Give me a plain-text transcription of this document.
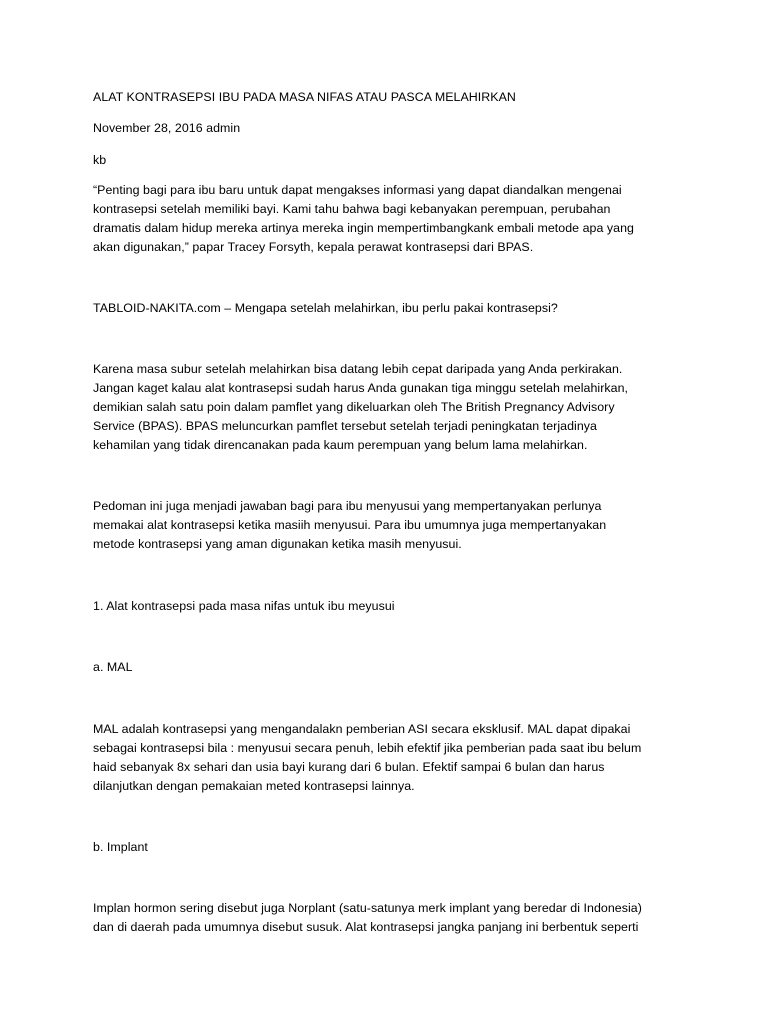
ALAT KONTRASEPSI IBU PADA MASA NIFAS ATAU PASCA MELAHIRKAN
November 28, 2016 admin
kb
“Penting bagi para ibu baru untuk dapat mengakses informasi yang dapat diandalkan mengenai
kontrasepsi setelah memiliki bayi. Kami tahu bahwa bagi kebanyakan perempuan, perubahan
dramatis dalam hidup mereka artinya mereka ingin mempertimbangkank embali metode apa yang
akan digunakan,” papar Tracey Forsyth, kepala perawat kontrasepsi dari BPAS.
TABLOID-NAKITA.com – Mengapa setelah melahirkan, ibu perlu pakai kontrasepsi?
Karena masa subur setelah melahirkan bisa datang lebih cepat daripada yang Anda perkirakan.
Jangan kaget kalau alat kontrasepsi sudah harus Anda gunakan tiga minggu setelah melahirkan,
demikian salah satu poin dalam pamflet yang dikeluarkan oleh The British Pregnancy Advisory
Service (BPAS). BPAS meluncurkan pamflet tersebut setelah terjadi peningkatan terjadinya
kehamilan yang tidak direncanakan pada kaum perempuan yang belum lama melahirkan.
Pedoman ini juga menjadi jawaban bagi para ibu menyusui yang mempertanyakan perlunya
memakai alat kontrasepsi ketika masiih menyusui. Para ibu umumnya juga mempertanyakan
metode kontrasepsi yang aman digunakan ketika masih menyusui.
1. Alat kontrasepsi pada masa nifas untuk ibu meyusui
a. MAL
MAL adalah kontrasepsi yang mengandalakn pemberian ASI secara eksklusif. MAL dapat dipakai
sebagai kontrasepsi bila : menyusui secara penuh, lebih efektif jika pemberian pada saat ibu belum
haid sebanyak 8x sehari dan usia bayi kurang dari 6 bulan. Efektif sampai 6 bulan dan harus
dilanjutkan dengan pemakaian meted kontrasepsi lainnya.
b. Implant
Implan hormon sering disebut juga Norplant (satu-satunya merk implant yang beredar di Indonesia)
dan di daerah pada umumnya disebut susuk. Alat kontrasepsi jangka panjang ini berbentuk seperti
